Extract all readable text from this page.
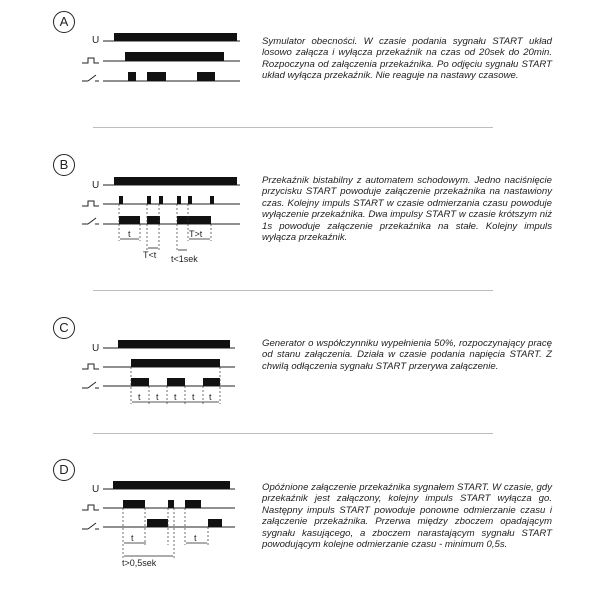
A
U	Symulator obecności. W czasie podania sygnału START układ losowo załącza i wyłącza przekaźnik na czas od 20sek do 20min. Rozpoczyna od załączenia przekaźnika. Po odjęciu sygnału START układ wyłącza przekaźnik. Nie reaguje na nastawy czasowe.
B
U
t
T<t
T>t
t<1sek
Przekaźnik bistabilny z automatem schodowym. Jedno naciśnięcie przycisku START powoduje załączenie przekaźnika na nastawiony czas. Kolejny impuls START w czasie odmierzania czasu powoduje wyłączenie przekaźnika. Dwa impulsy START w czasie krótszym niż 1s powoduje załączenie przekaźnika na stałe. Kolejny impuls wyłącza przekaźnik.
C
U
t t t t t
Generator o współczynniku wypełnienia 50%, rozpoczynający pracę od stanu załączenia. Działa w czasie podania napięcia START. Z chwilą odłączenia sygnału START przerywa załączenie.
D
U
t
t>0,5sek
t
Opóźnione załączenie przekaźnika sygnałem START. W czasie, gdy przekaźnik jest załączony, kolejny impuls START wyłącza go. Następny impuls START powoduje ponowne odmierzanie czasu i załączenie przekaźnika. Przerwa między zboczem opadającym sygnału kasującego, a zboczem narastającym sygnału START powodującym kolejne odmierzanie czasu - minimum 0,5s.
